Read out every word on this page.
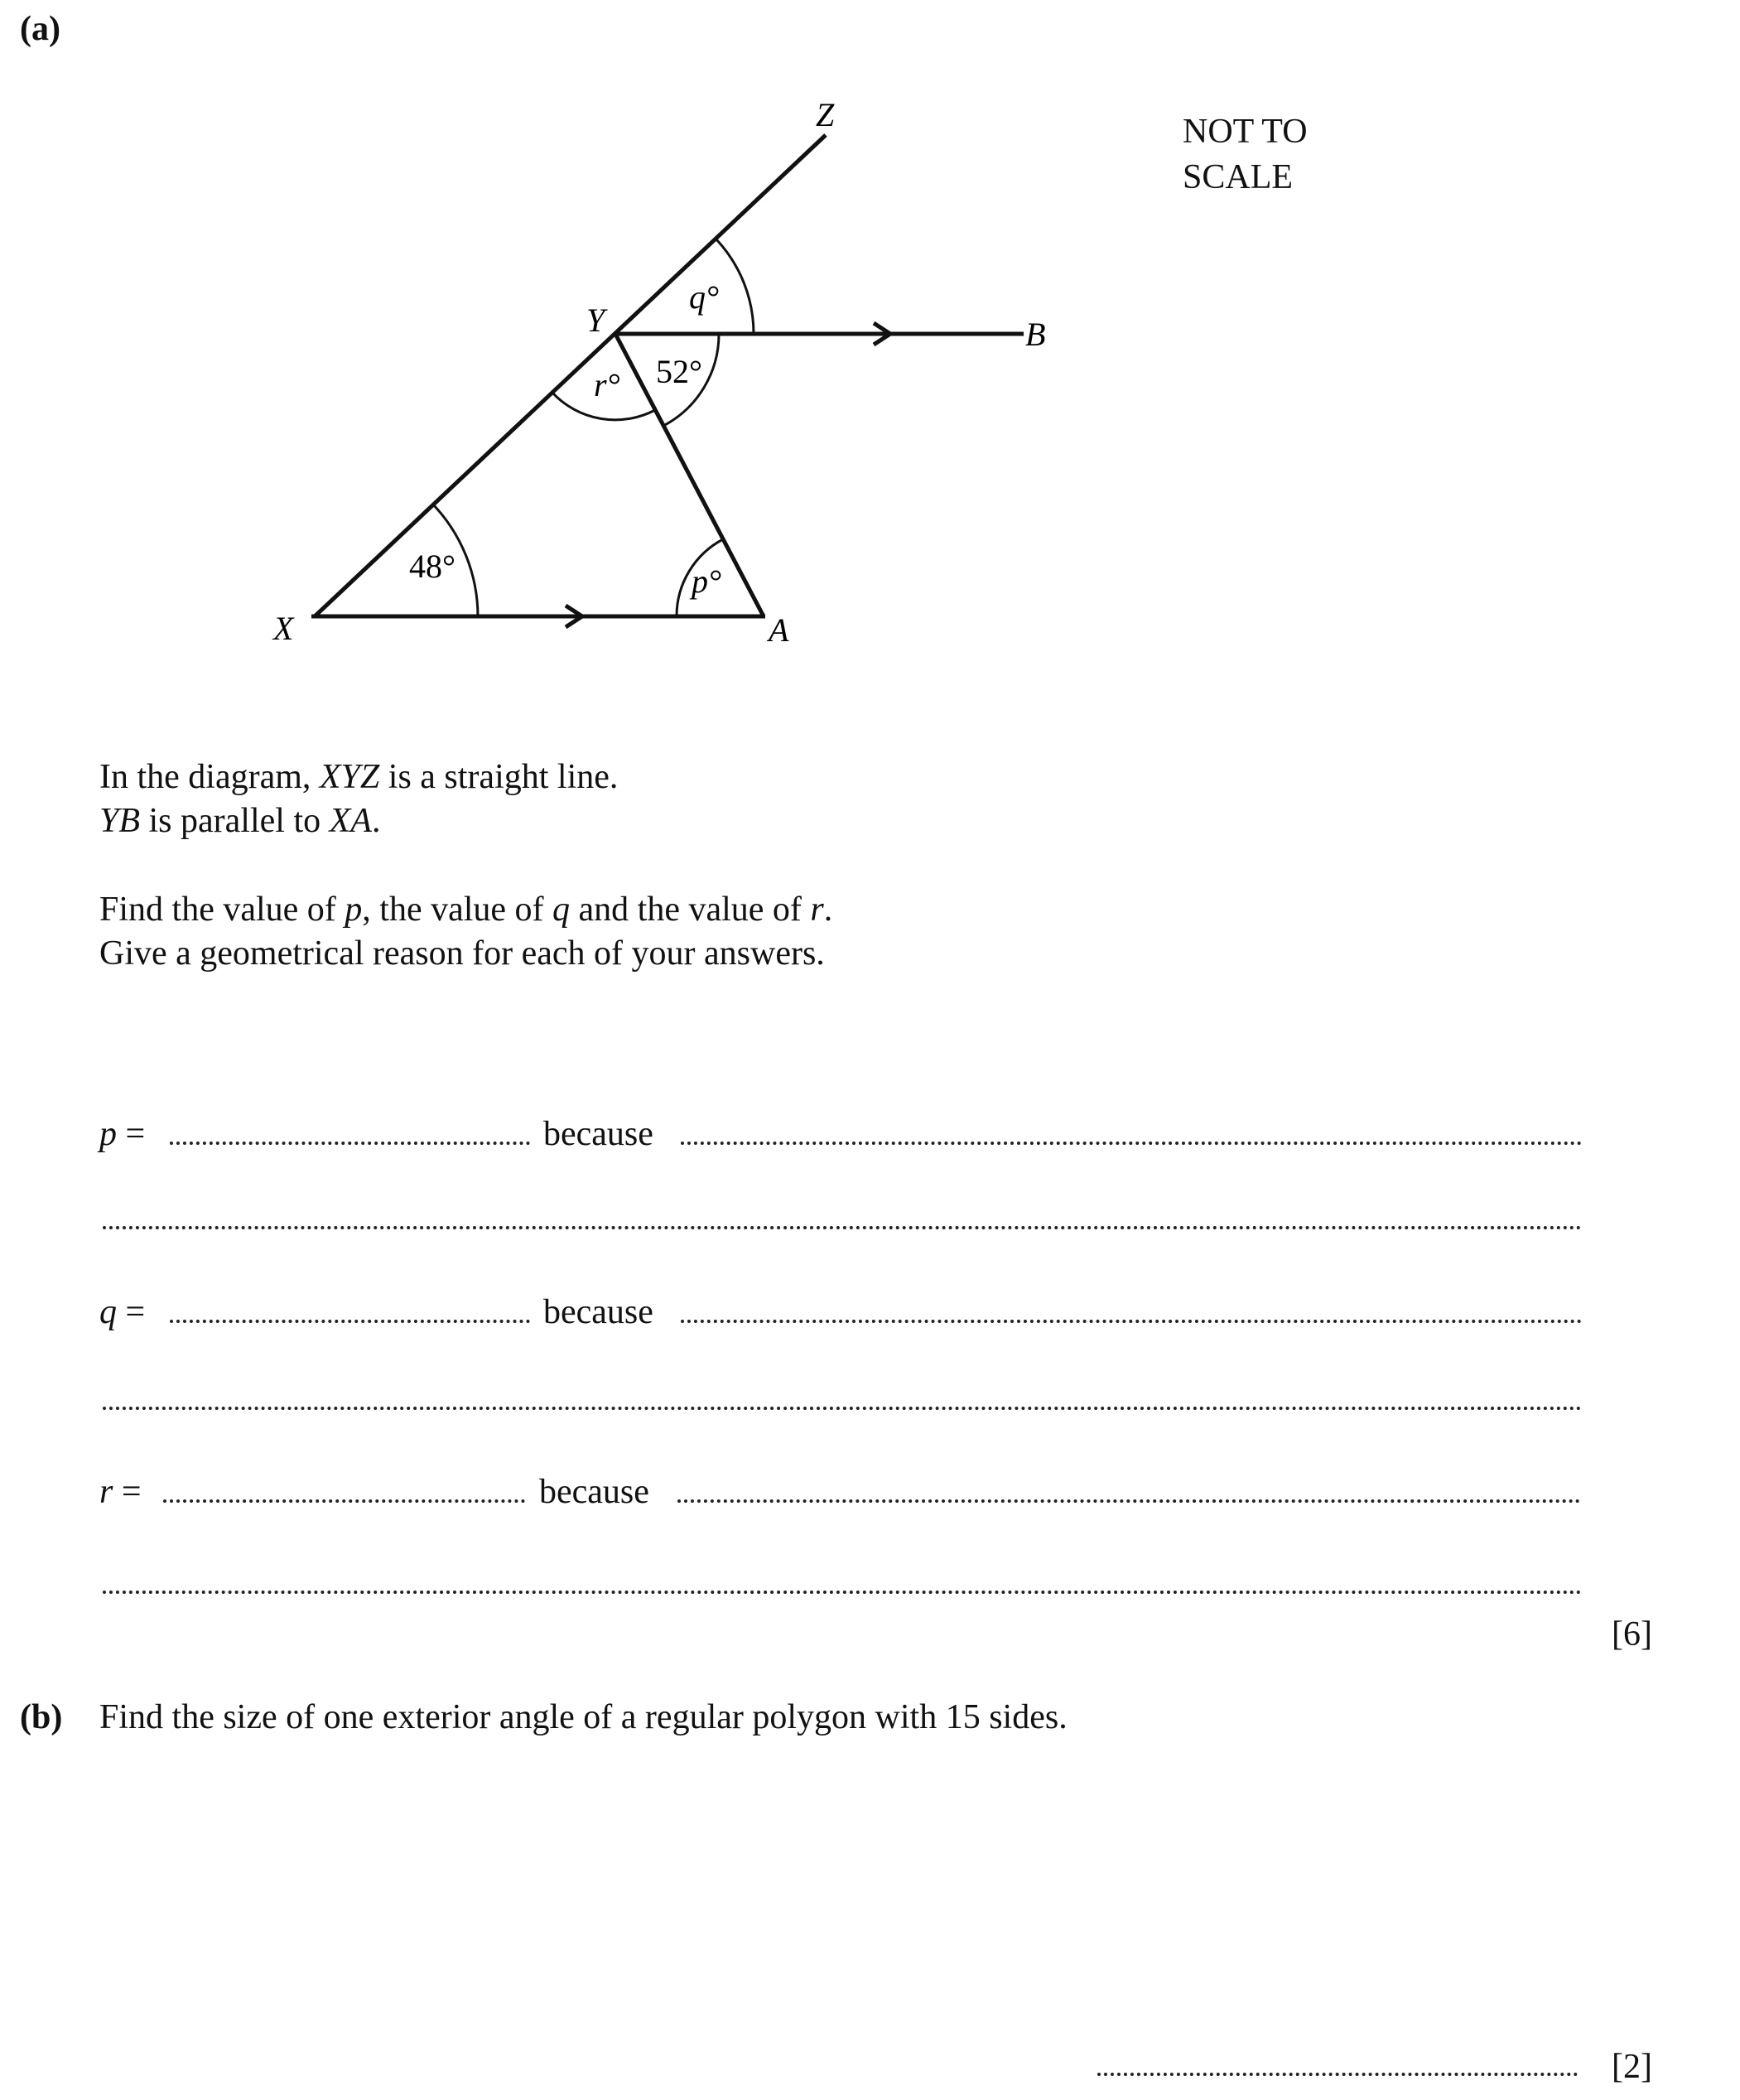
(a)
X	A
Y
Z
B
48°	p°
q°
52°
r°
NOT TO
SCALE
In the diagram, XYZ is a straight line.
YB is parallel to XA.
Find the value of p, the value of q and the value of r.
Give a geometrical reason for each of your answers.
p =	because
q =	because
r =	because
[6]
(b) Find the size of one exterior angle of a regular polygon with 15 sides.
[2]
